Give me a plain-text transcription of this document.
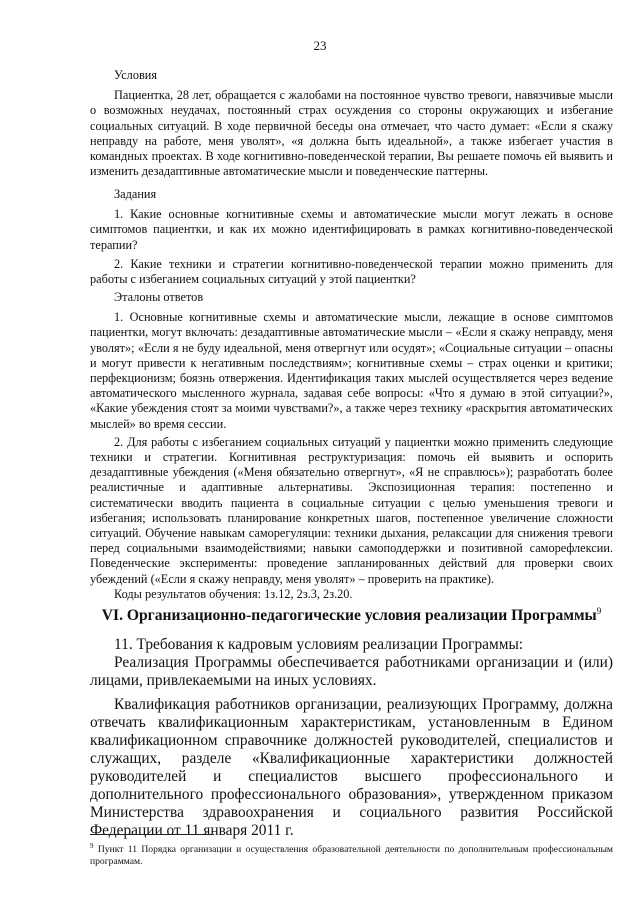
23

Условия

Пациентка, 28 лет, обращается с жалобами на постоянное чувство тревоги, навязчивые мысли о возможных неудачах, постоянный страх осуждения со стороны окружающих и избегание социальных ситуаций. В ходе первичной беседы она отмечает, что часто думает: «Если я скажу неправду на работе, меня уволят», «я должна быть идеальной», а также избегает участия в командных проектах. В ходе когнитивно-поведенческой терапии, Вы решаете помочь ей выявить и изменить дезадаптивные автоматические мысли и поведенческие паттерны.

Задания

1. Какие основные когнитивные схемы и автоматические мысли могут лежать в основе симптомов пациентки, и как их можно идентифицировать в рамках когнитивно-поведенческой терапии?

2. Какие техники и стратегии когнитивно-поведенческой терапии можно применить для работы с избеганием социальных ситуаций у этой пациентки?

Эталоны ответов

1. Основные когнитивные схемы и автоматические мысли, лежащие в основе симптомов пациентки, могут включать: дезадаптивные автоматические мысли – «Если я скажу неправду, меня уволят»; «Если я не буду идеальной, меня отвергнут или осудят»; «Социальные ситуации – опасны и могут привести к негативным последствиям»; когнитивные схемы – страх оценки и критики; перфекционизм; боязнь отвержения. Идентификация таких мыслей осуществляется через ведение автоматического мысленного журнала, задавая себе вопросы: «Что я думаю в этой ситуации?», «Какие убеждения стоят за моими чувствами?», а также через технику «раскрытия автоматических мыслей» во время сессии.

2. Для работы с избеганием социальных ситуаций у пациентки можно применить следующие техники и стратегии. Когнитивная реструктуризация: помочь ей выявить и оспорить дезадаптивные убеждения («Меня обязательно отвергнут», «Я не справлюсь»); разработать более реалистичные и адаптивные альтернативы. Экспозиционная терапия: постепенно и систематически вводить пациента в социальные ситуации с целью уменьшения тревоги и избегания; использовать планирование конкретных шагов, постепенное увеличение сложности ситуаций. Обучение навыкам саморегуляции: техники дыхания, релаксации для снижения тревоги перед социальными взаимодействиями; навыки самоподдержки и позитивной саморефлексии. Поведенческие эксперименты: проведение запланированных действий для проверки своих убеждений («Если я скажу неправду, меня уволят» – проверить на практике).

Коды результатов обучения: 1з.12, 2з.3, 2з.20.

VI. Организационно-педагогические условия реализации Программы$^9$

11. Требования к кадровым условиям реализации Программы:

Реализация Программы обеспечивается работниками организации и (или) лицами, привлекаемыми на иных условиях.

Квалификация работников организации, реализующих Программу, должна отвечать квалификационным характеристикам, установленным в Едином квалификационном справочнике должностей руководителей, специалистов и служащих, разделе «Квалификационные характеристики должностей руководителей и специалистов высшего профессионального и дополнительного профессионального образования», утвержденном приказом Министерства здравоохранения и социального развития Российской Федерации от 11 января 2011 г.

$^9$ Пункт 11 Порядка организации и осуществления образовательной деятельности по дополнительным профессиональным программам.
